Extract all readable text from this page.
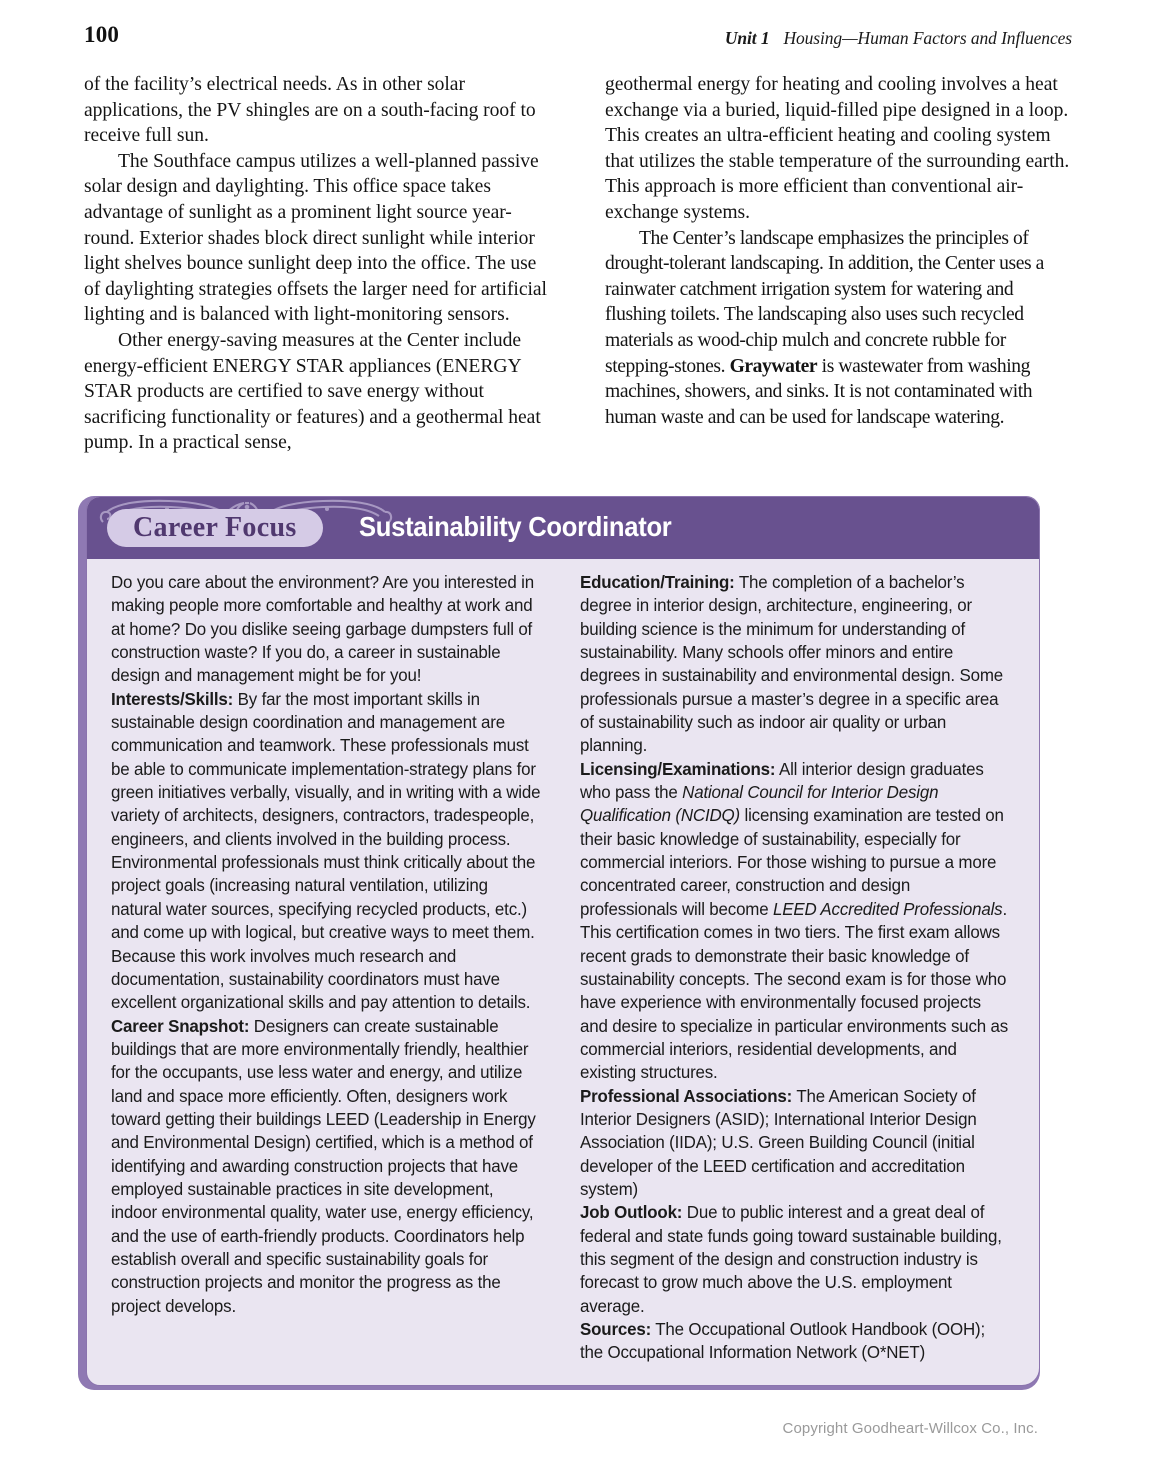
100	Unit 1 Housing—Human Factors and Influences

of the facility’s electrical needs. As in other solar applications, the PV shingles are on a south-facing roof to receive full sun.

The Southface campus utilizes a well-planned passive solar design and daylighting. This office space takes advantage of sunlight as a prominent light source year-round. Exterior shades block direct sunlight while interior light shelves bounce sunlight deep into the office. The use of daylighting strategies offsets the larger need for artificial lighting and is balanced with light-monitoring sensors.

Other energy-saving measures at the Center include energy-efficient ENERGY STAR appliances (ENERGY STAR products are certified to save energy without sacrificing functionality or features) and a geothermal heat pump. In a practical sense,

geothermal energy for heating and cooling involves a heat exchange via a buried, liquid-filled pipe designed in a loop. This creates an ultra-efficient heating and cooling system that utilizes the stable temperature of the surrounding earth. This approach is more efficient than conventional air-exchange systems.

The Center’s landscape emphasizes the principles of drought-tolerant landscaping. In addition, the Center uses a rainwater catchment irrigation system for watering and flushing toilets. The landscaping also uses such recycled materials as wood-chip mulch and concrete rubble for stepping-stones. Graywater is wastewater from washing machines, showers, and sinks. It is not contaminated with human waste and can be used for landscape watering.

Career Focus Sustainability Coordinator

Do you care about the environment? Are you interested in making people more comfortable and healthy at work and at home? Do you dislike seeing garbage dumpsters full of construction waste? If you do, a career in sustainable design and management might be for you!

Interests/Skills: By far the most important skills in sustainable design coordination and management are communication and teamwork. These professionals must be able to communicate implementation-strategy plans for green initiatives verbally, visually, and in writing with a wide variety of architects, designers, contractors, tradespeople, engineers, and clients involved in the building process. Environmental professionals must think critically about the project goals (increasing natural ventilation, utilizing natural water sources, specifying recycled products, etc.) and come up with logical, but creative ways to meet them. Because this work involves much research and documentation, sustainability coordinators must have excellent organizational skills and pay attention to details.

Career Snapshot: Designers can create sustainable buildings that are more environmentally friendly, healthier for the occupants, use less water and energy, and utilize land and space more efficiently. Often, designers work toward getting their buildings LEED (Leadership in Energy and Environmental Design) certified, which is a method of identifying and awarding construction projects that have employed sustainable practices in site development, indoor environmental quality, water use, energy efficiency, and the use of earth-friendly products. Coordinators help establish overall and specific sustainability goals for construction projects and monitor the progress as the project develops.

Education/Training: The completion of a bachelor’s degree in interior design, architecture, engineering, or building science is the minimum for understanding of sustainability. Many schools offer minors and entire degrees in sustainability and environmental design. Some professionals pursue a master’s degree in a specific area of sustainability such as indoor air quality or urban planning.

Licensing/Examinations: All interior design graduates who pass the National Council for Interior Design Qualification (NCIDQ) licensing examination are tested on their basic knowledge of sustainability, especially for commercial interiors. For those wishing to pursue a more concentrated career, construction and design professionals will become LEED Accredited Professionals. This certification comes in two tiers. The first exam allows recent grads to demonstrate their basic knowledge of sustainability concepts. The second exam is for those who have experience with environmentally focused projects and desire to specialize in particular environments such as commercial interiors, residential developments, and existing structures.

Professional Associations: The American Society of Interior Designers (ASID); International Interior Design Association (IIDA); U.S. Green Building Council (initial developer of the LEED certification and accreditation system)

Job Outlook: Due to public interest and a great deal of federal and state funds going toward sustainable building, this segment of the design and construction industry is forecast to grow much above the U.S. employment average.

Sources: The Occupational Outlook Handbook (OOH); the Occupational Information Network (O*NET)

Copyright Goodheart-Willcox Co., Inc.
